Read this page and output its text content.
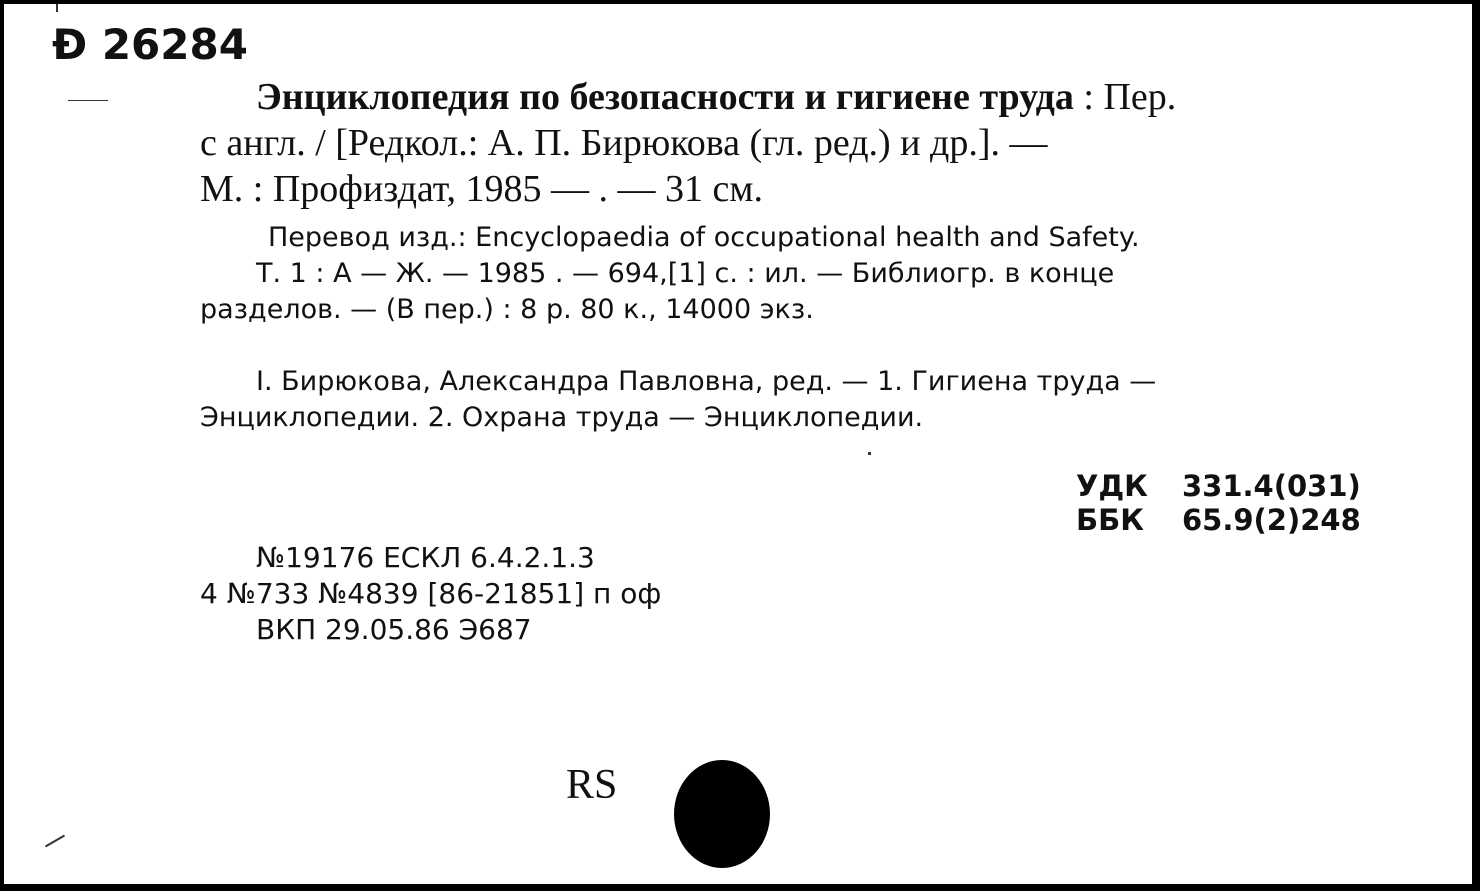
Ð 26284
Энциклопедия по безопасности и гигиене труда : Пер.
с англ. / [Редкол.: А. П. Бирюкова (гл. ред.) и др.]. —
М. : Профиздат, 1985 — . — 31 см.
Перевод изд.: Encyclopaedia of occupational health and Safety.
Т. 1 : А — Ж. — 1985 . — 694,[1] с. : ил. — Библиогр. в конце
разделов. — (В пер.) : 8 р. 80 к., 14000 экз.
I. Бирюкова, Александра Павловна, ред. — 1. Гигиена труда —
Энциклопедии. 2. Охрана труда — Энциклопедии.
УДК 331.4(031)
ББК 65.9(2)248
№19176 ЕСКЛ 6.4.2.1.3
4 №733 №4839 [86-21851] п оф
ВКП 29.05.86 Э687
RS
